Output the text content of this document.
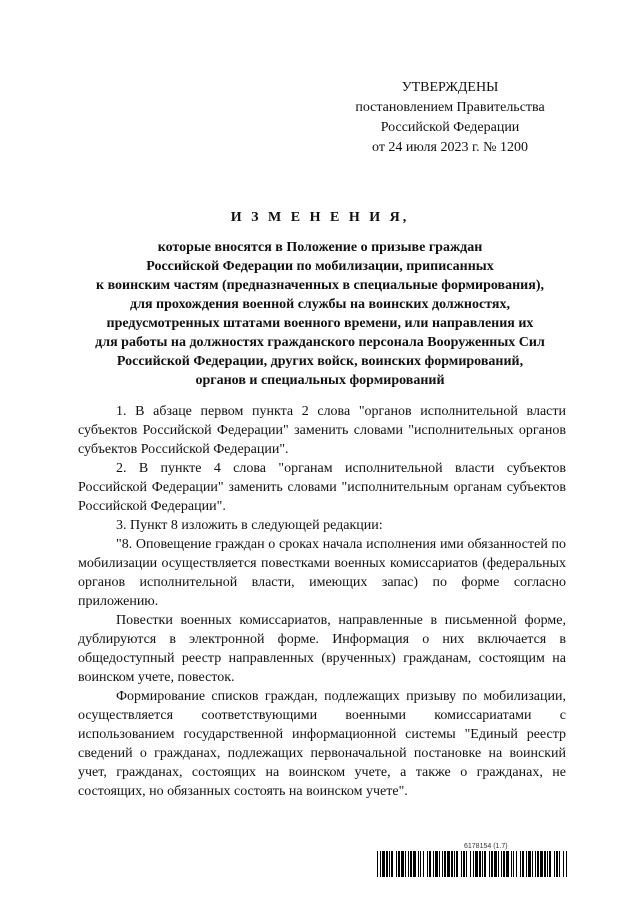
УТВЕРЖДЕНЫ
постановлением Правительства
Российской Федерации
от 24 июля 2023 г. № 1200
И З М Е Н Е Н И Я,
которые вносятся в Положение о призыве граждан
Российской Федерации по мобилизации, приписанных
к воинским частям (предназначенных в специальные формирования),
для прохождения военной службы на воинских должностях,
предусмотренных штатами военного времени, или направления их
для работы на должностях гражданского персонала Вооруженных Сил
Российской Федерации, других войск, воинских формирований,
органов и специальных формирований

1. В абзаце первом пункта 2 слова "органов исполнительной власти субъектов Российской Федерации" заменить словами "исполнительных органов субъектов Российской Федерации".

2. В пункте 4 слова "органам исполнительной власти субъектов Российской Федерации" заменить словами "исполнительным органам субъектов Российской Федерации".

3. Пункт 8 изложить в следующей редакции:

"8. Оповещение граждан о сроках начала исполнения ими обязанностей по мобилизации осуществляется повестками военных комиссариатов (федеральных органов исполнительной власти, имеющих запас) по форме согласно приложению.

Повестки военных комиссариатов, направленные в письменной форме, дублируются в электронной форме. Информация о них включается в общедоступный реестр направленных (врученных) гражданам, состоящим на воинском учете, повесток.

Формирование списков граждан, подлежащих призыву по мобилизации, осуществляется соответствующими военными комиссариатами с использованием государственной информационной системы "Единый реестр сведений о гражданах, подлежащих первоначальной постановке на воинский учет, гражданах, состоящих на воинском учете, а также о гражданах, не состоящих, но обязанных состоять на воинском учете".

6178154 (1.7)
